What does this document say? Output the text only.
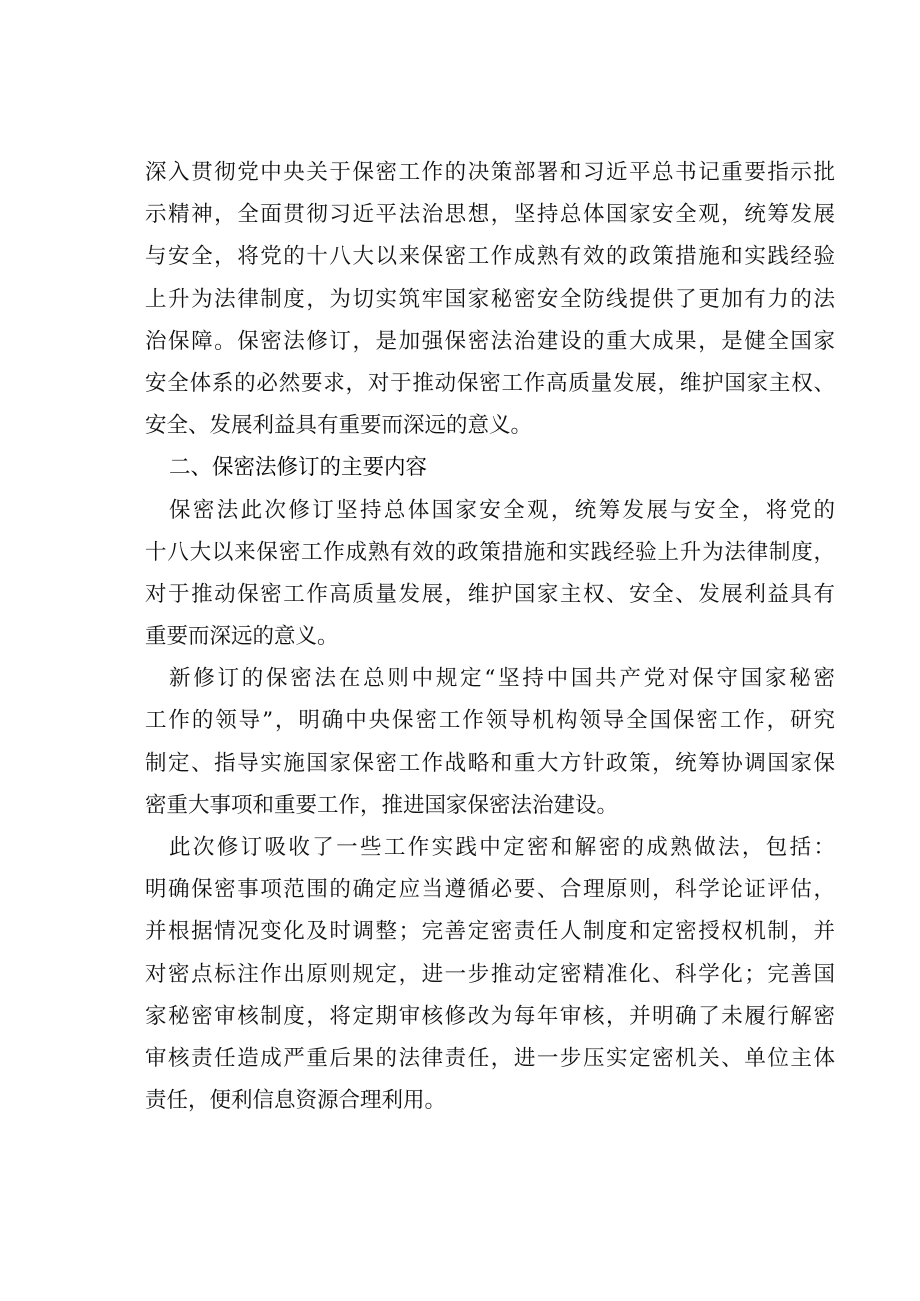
深入贯彻党中央关于保密工作的决策部署和习近平总书记重要指示批
示精神，全面贯彻习近平法治思想，坚持总体国家安全观，统筹发展
与安全，将党的十八大以来保密工作成熟有效的政策措施和实践经验
上升为法律制度，为切实筑牢国家秘密安全防线提供了更加有力的法
治保障。保密法修订，是加强保密法治建设的重大成果，是健全国家
安全体系的必然要求，对于推动保密工作高质量发展，维护国家主权、
安全、发展利益具有重要而深远的意义。
二、保密法修订的主要内容
保密法此次修订坚持总体国家安全观，统筹发展与安全，将党的
十八大以来保密工作成熟有效的政策措施和实践经验上升为法律制度，
对于推动保密工作高质量发展，维护国家主权、安全、发展利益具有
重要而深远的意义。
新修订的保密法在总则中规定“坚持中国共产党对保守国家秘密
工作的领导”，明确中央保密工作领导机构领导全国保密工作，研究
制定、指导实施国家保密工作战略和重大方针政策，统筹协调国家保
密重大事项和重要工作，推进国家保密法治建设。
此次修订吸收了一些工作实践中定密和解密的成熟做法，包括：
明确保密事项范围的确定应当遵循必要、合理原则，科学论证评估，
并根据情况变化及时调整；完善定密责任人制度和定密授权机制，并
对密点标注作出原则规定，进一步推动定密精准化、科学化；完善国
家秘密审核制度，将定期审核修改为每年审核，并明确了未履行解密
审核责任造成严重后果的法律责任，进一步压实定密机关、单位主体
责任，便利信息资源合理利用。
